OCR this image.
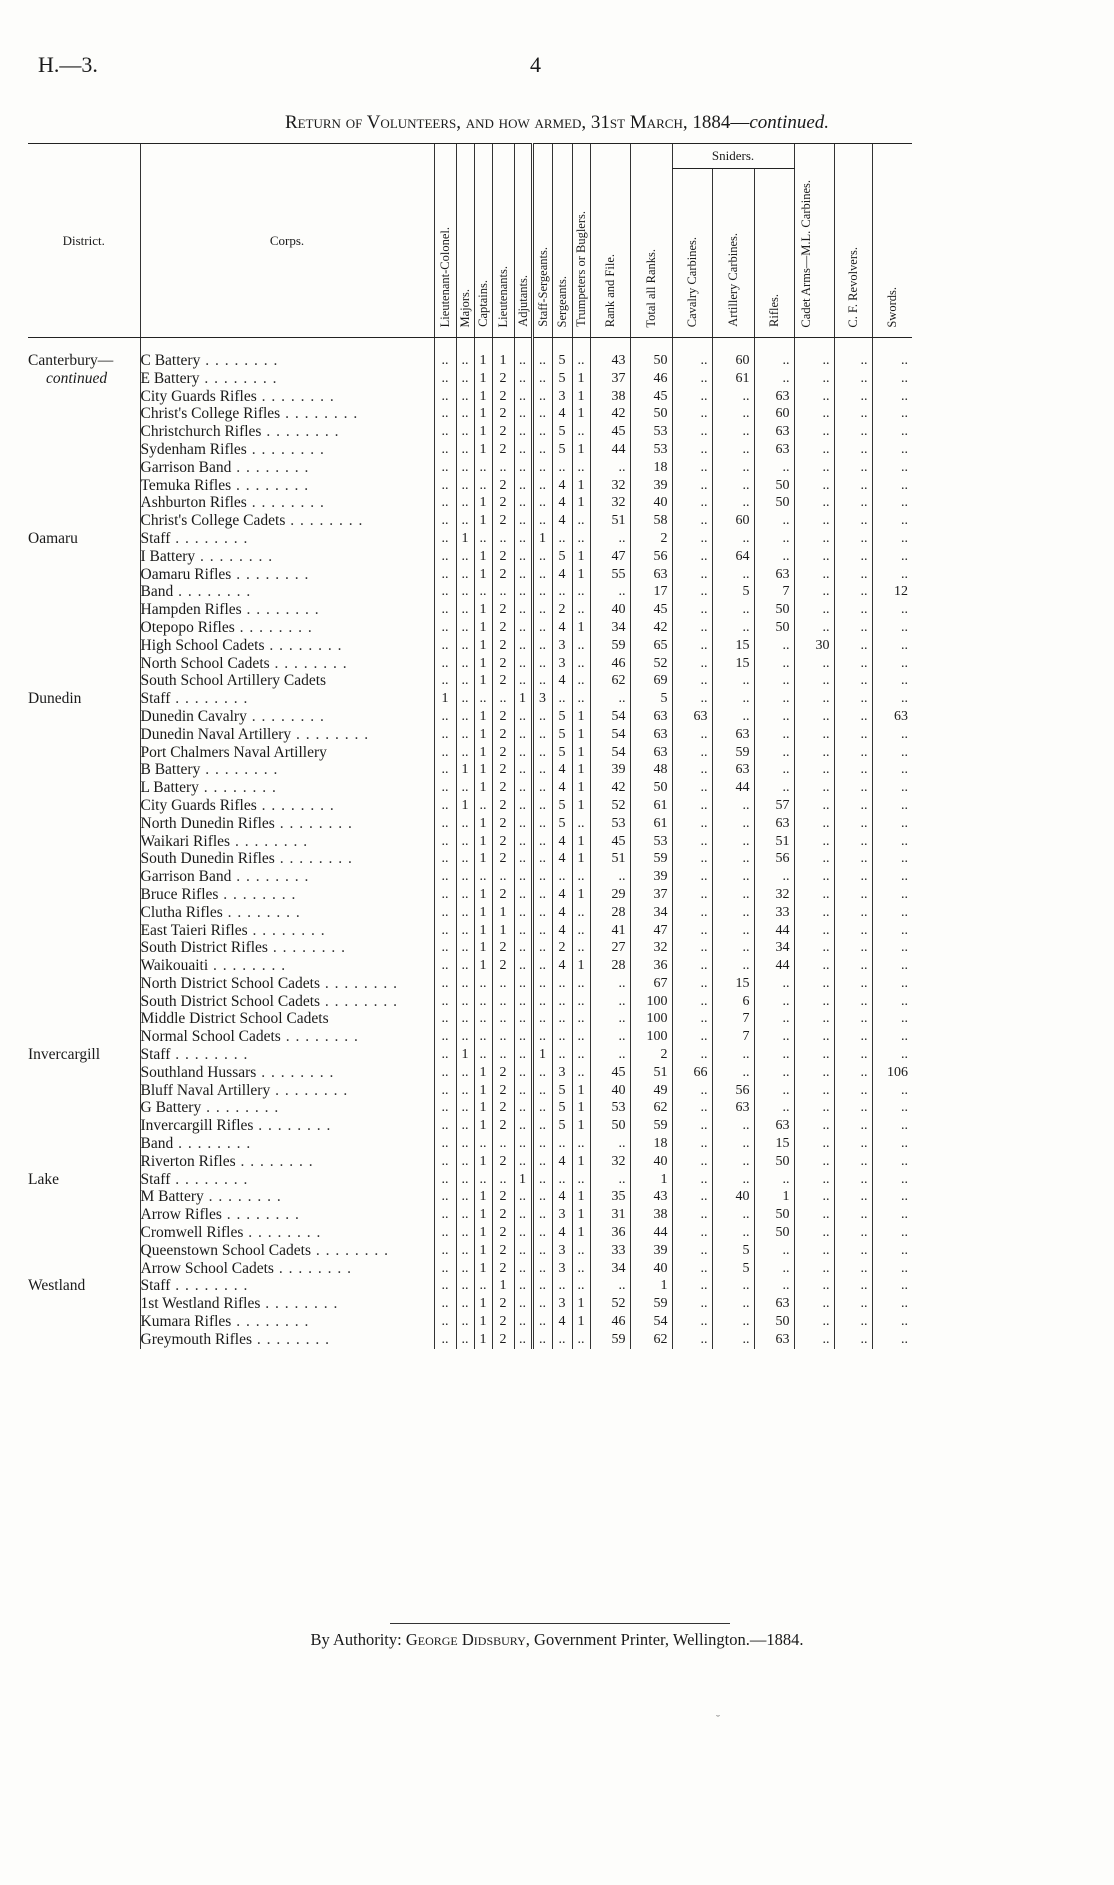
H.—3.	4
Return of Volunteers, and how armed, 31st March, 1884—continued.
District.	Corps.	Lieutenant-Colonel.	Majors.	Captains.	Lieutenants.	Adjutants.	Staff-Sergeants.	Sergeants.	Trumpeters or Buglers.	Rank and File.	Total all Ranks.	Sniders.			Cadet Arms—M.L. Carbines.	C. F. Revolvers.	Swords.
												Cavalry Carbines.	Artillery Carbines.	Rifles.			
Canterbury—	C Battery . . . . . . . .	..	..	1	1	..	..	5	..	43	50	..	60	..	..	..	..
continued	E Battery . . . . . . . .	..	..	1	2	..	..	5	1	37	46	..	61	..	..	..	..
	City Guards Rifles . . . . . . . .	..	..	1	2	..	..	3	1	38	45	..	..	63	..	..	..
	Christ's College Rifles . . . . . . . .	..	..	1	2	..	..	4	1	42	50	..	..	60	..	..	..
	Christchurch Rifles . . . . . . . .	..	..	1	2	..	..	5	..	45	53	..	..	63	..	..	..
	Sydenham Rifles . . . . . . . .	..	..	1	2	..	..	5	1	44	53	..	..	63	..	..	..
	Garrison Band . . . . . . . .	..	..	..	..	..	..	..	..	..	18	..	..	..	..	..	..
	Temuka Rifles . . . . . . . .	..	..	..	2	..	..	4	1	32	39	..	..	50	..	..	..
	Ashburton Rifles . . . . . . . .	..	..	1	2	..	..	4	1	32	40	..	..	50	..	..	..
	Christ's College Cadets . . . . . . . .	..	..	1	2	..	..	4	..	51	58	..	60	..	..	..	..
Oamaru	Staff . . . . . . . .	..	1	..	..	..	1	..	..	..	2	..	..	..	..	..	..
	I Battery . . . . . . . .	..	..	1	2	..	..	5	1	47	56	..	64	..	..	..	..
	Oamaru Rifles . . . . . . . .	..	..	1	2	..	..	4	1	55	63	..	..	63	..	..	..
	Band . . . . . . . .	..	..	..	..	..	..	..	..	..	17	..	5	7	..	..	12
	Hampden Rifles . . . . . . . .	..	..	1	2	..	..	2	..	40	45	..	..	50	..	..	..
	Otepopo Rifles . . . . . . . .	..	..	1	2	..	..	4	1	34	42	..	..	50	..	..	..
	High School Cadets . . . . . . . .	..	..	1	2	..	..	3	..	59	65	..	15	..	30	..	..
	North School Cadets . . . . . . . .	..	..	1	2	..	..	3	..	46	52	..	15	..	..	..	..
	South School Artillery Cadets	..	..	1	2	..	..	4	..	62	69	..	..	..	..	..	..
Dunedin	Staff . . . . . . . .	1	..	..	..	1	3	..	..	..	5	..	..	..	..	..	..
	Dunedin Cavalry . . . . . . . .	..	..	1	2	..	..	5	1	54	63	63	..	..	..	..	63
	Dunedin Naval Artillery . . . . . . . .	..	..	1	2	..	..	5	1	54	63	..	63	..	..	..	..
	Port Chalmers Naval Artillery	..	..	1	2	..	..	5	1	54	63	..	59	..	..	..	..
	B Battery . . . . . . . .	..	1	1	2	..	..	4	1	39	48	..	63	..	..	..	..
	L Battery . . . . . . . .	..	..	1	2	..	..	4	1	42	50	..	44	..	..	..	..
	City Guards Rifles . . . . . . . .	..	1	..	2	..	..	5	1	52	61	..	..	57	..	..	..
	North Dunedin Rifles . . . . . . . .	..	..	1	2	..	..	5	..	53	61	..	..	63	..	..	..
	Waikari Rifles . . . . . . . .	..	..	1	2	..	..	4	1	45	53	..	..	51	..	..	..
	South Dunedin Rifles . . . . . . . .	..	..	1	2	..	..	4	1	51	59	..	..	56	..	..	..
	Garrison Band . . . . . . . .	..	..	..	..	..	..	..	..	..	39	..	..	..	..	..	..
	Bruce Rifles . . . . . . . .	..	..	1	2	..	..	4	1	29	37	..	..	32	..	..	..
	Clutha Rifles . . . . . . . .	..	..	1	1	..	..	4	..	28	34	..	..	33	..	..	..
	East Taieri Rifles . . . . . . . .	..	..	1	1	..	..	4	..	41	47	..	..	44	..	..	..
	South District Rifles . . . . . . . .	..	..	1	2	..	..	2	..	27	32	..	..	34	..	..	..
	Waikouaiti . . . . . . . .	..	..	1	2	..	..	4	1	28	36	..	..	44	..	..	..
	North District School Cadets . . . . . . . .	..	..	..	..	..	..	..	..	..	67	..	15	..	..	..	..
	South District School Cadets . . . . . . . .	..	..	..	..	..	..	..	..	..	100	..	6	..	..	..	..
	Middle District School Cadets	..	..	..	..	..	..	..	..	..	100	..	7	..	..	..	..
	Normal School Cadets . . . . . . . .	..	..	..	..	..	..	..	..	..	100	..	7	..	..	..	..
Invercargill	Staff . . . . . . . .	..	1	..	..	..	1	..	..	..	2	..	..	..	..	..	..
	Southland Hussars . . . . . . . .	..	..	1	2	..	..	3	..	45	51	66	..	..	..	..	106
	Bluff Naval Artillery . . . . . . . .	..	..	1	2	..	..	5	1	40	49	..	56	..	..	..	..
	G Battery . . . . . . . .	..	..	1	2	..	..	5	1	53	62	..	63	..	..	..	..
	Invercargill Rifles . . . . . . . .	..	..	1	2	..	..	5	1	50	59	..	..	63	..	..	..
	Band . . . . . . . .	..	..	..	..	..	..	..	..	..	18	..	..	15	..	..	..
	Riverton Rifles . . . . . . . .	..	..	1	2	..	..	4	1	32	40	..	..	50	..	..	..
Lake	Staff . . . . . . . .	..	..	..	..	1	..	..	..	..	1	..	..	..	..	..	..
	M Battery . . . . . . . .	..	..	1	2	..	..	4	1	35	43	..	40	1	..	..	..
	Arrow Rifles . . . . . . . .	..	..	1	2	..	..	3	1	31	38	..	..	50	..	..	..
	Cromwell Rifles . . . . . . . .	..	..	1	2	..	..	4	1	36	44	..	..	50	..	..	..
	Queenstown School Cadets . . . . . . . .	..	..	1	2	..	..	3	..	33	39	..	5	..	..	..	..
	Arrow School Cadets . . . . . . . .	..	..	1	2	..	..	3	..	34	40	..	5	..	..	..	..
Westland	Staff . . . . . . . .	..	..	..	1	..	..	..	..	..	1	..	..	..	..	..	..
	1st Westland Rifles . . . . . . . .	..	..	1	2	..	..	3	1	52	59	..	..	63	..	..	..
	Kumara Rifles . . . . . . . .	..	..	1	2	..	..	4	1	46	54	..	..	50	..	..	..
	Greymouth Rifles . . . . . . . .	..	..	1	2	..	..	..	..	59	62	..	..	63	..	..	..
By Authority: George Didsbury, Government Printer, Wellington.—1884.
˘
